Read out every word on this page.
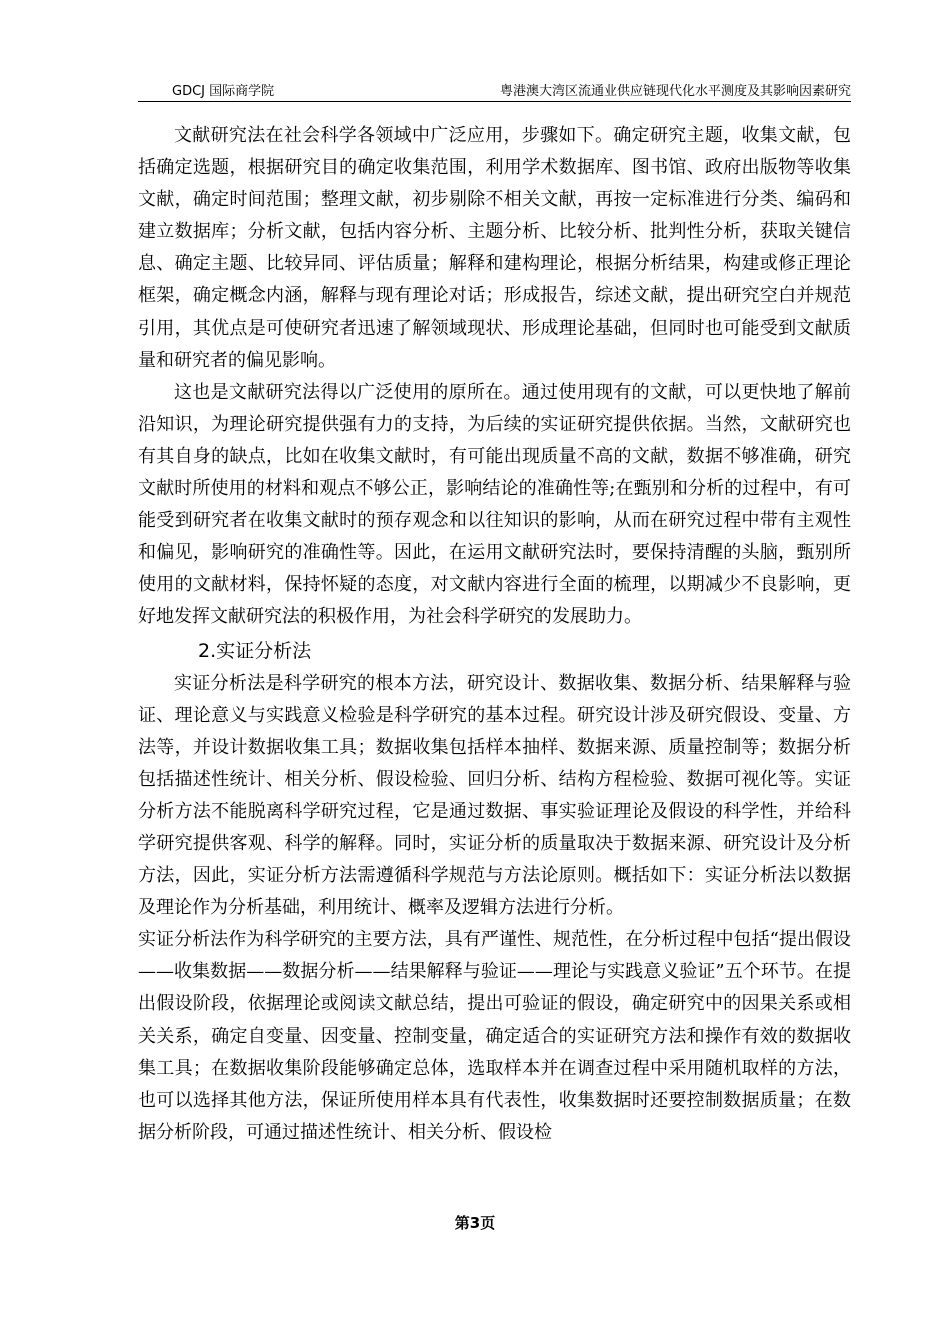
GDCJ 国际商学院	粤港澳大湾区流通业供应链现代化水平测度及其影响因素研究

文献研究法在社会科学各领域中广泛应用，步骤如下。确定研究主题，收集文献，包括确定选题，根据研究目的确定收集范围，利用学术数据库、图书馆、政府出版物等收集文献，确定时间范围；整理文献，初步剔除不相关文献，再按一定标准进行分类、编码和建立数据库；分析文献，包括内容分析、主题分析、比较分析、批判性分析，获取关键信息、确定主题、比较异同、评估质量；解释和建构理论，根据分析结果，构建或修正理论框架，确定概念内涵，解释与现有理论对话；形成报告，综述文献，提出研究空白并规范引用，其优点是可使研究者迅速了解领域现状、形成理论基础，但同时也可能受到文献质量和研究者的偏见影响。

这也是文献研究法得以广泛使用的原所在。通过使用现有的文献，可以更快地了解前沿知识，为理论研究提供强有力的支持，为后续的实证研究提供依据。当然，文献研究也有其自身的缺点，比如在收集文献时，有可能出现质量不高的文献，数据不够准确，研究文献时所使用的材料和观点不够公正，影响结论的准确性等;在甄别和分析的过程中，有可能受到研究者在收集文献时的预存观念和以往知识的影响，从而在研究过程中带有主观性和偏见，影响研究的准确性等。因此，在运用文献研究法时，要保持清醒的头脑，甄别所使用的文献材料，保持怀疑的态度，对文献内容进行全面的梳理，以期减少不良影响，更好地发挥文献研究法的积极作用，为社会科学研究的发展助力。

2.实证分析法

实证分析法是科学研究的根本方法，研究设计、数据收集、数据分析、结果解释与验证、理论意义与实践意义检验是科学研究的基本过程。研究设计涉及研究假设、变量、方法等，并设计数据收集工具；数据收集包括样本抽样、数据来源、质量控制等；数据分析包括描述性统计、相关分析、假设检验、回归分析、结构方程检验、数据可视化等。实证分析方法不能脱离科学研究过程，它是通过数据、事实验证理论及假设的科学性，并给科学研究提供客观、科学的解释。同时，实证分析的质量取决于数据来源、研究设计及分析方法，因此，实证分析方法需遵循科学规范与方法论原则。概括如下：实证分析法以数据及理论作为分析基础，利用统计、概率及逻辑方法进行分析。

实证分析法作为科学研究的主要方法，具有严谨性、规范性，在分析过程中包括“提出假设——收集数据——数据分析——结果解释与验证——理论与实践意义验证”五个环节。在提出假设阶段，依据理论或阅读文献总结，提出可验证的假设，确定研究中的因果关系或相关关系，确定自变量、因变量、控制变量，确定适合的实证研究方法和操作有效的数据收集工具；在数据收集阶段能够确定总体，选取样本并在调查过程中采用随机取样的方法，也可以选择其他方法，保证所使用样本具有代表性，收集数据时还要控制数据质量；在数据分析阶段，可通过描述性统计、相关分析、假设检

第3页
